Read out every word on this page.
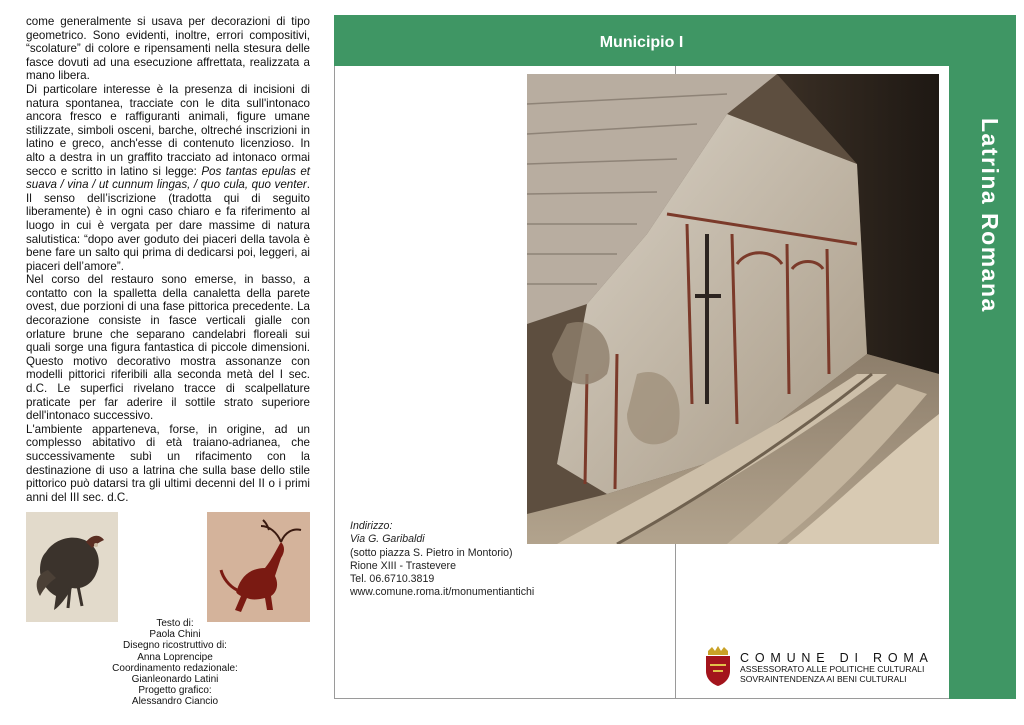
come generalmente si usava per decorazioni di tipo geometrico. Sono evidenti, inoltre, errori compositivi, “scolature” di colore e ripensamenti nella stesura delle fasce dovuti ad una esecuzione affrettata, realizzata a mano libera.

Di particolare interesse è la presenza di incisioni di natura spontanea, tracciate con le dita sull'intonaco ancora fresco e raffiguranti animali, figure umane stilizzate, simboli osceni, barche, oltreché inscrizioni in latino e greco, anch'esse di contenuto licenzioso. In alto a destra in un graffito tracciato ad intonaco ormai secco e scritto in latino si legge: Pos tantas epulas et suava / vina / ut cunnum lingas, / quo cula, quo venter. Il senso dell’iscrizione (tradotta qui di seguito liberamente) è in ogni caso chiaro e fa riferimento al luogo in cui è vergata per dare massime di natura salutistica: “dopo aver goduto dei piaceri della tavola è bene fare un salto qui prima di dedicarsi poi, leggeri, ai piaceri dell’amore”.

Nel corso del restauro sono emerse, in basso, a contatto con la spalletta della canaletta della parete ovest, due porzioni di una fase pittorica precedente. La decorazione consiste in fasce verticali gialle con orlature brune che separano candelabri floreali sui quali sorge una figura fantastica di piccole dimensioni. Questo motivo decorativo mostra assonanze con modelli pittorici riferibili alla seconda metà del I sec. d.C. Le superfici rivelano tracce di scalpellature praticate per far aderire il sottile strato superiore dell'intonaco successivo.

L'ambiente apparteneva, forse, in origine, ad un complesso abitativo di età traiano-adrianea, che successivamente subì un rifacimento con la destinazione di uso a latrina che sulla base dello stile pittorico può datarsi tra gli ultimi decenni del II o i primi anni del III sec. d.C.

Testo di:
Paola Chini
Disegno ricostruttivo di:
Anna Loprencipe
Coordinamento redazionale:
Gianleonardo Latini
Progetto grafico:
Alessandro Ciancio
Municipio I
Latrina Romana
Indirizzo:
Via G. Garibaldi
(sotto piazza S. Pietro in Montorio)
Rione XIII - Trastevere
Tel. 06.6710.3819
www.comune.roma.it/monumentiantichi
COMUNE DI ROMA
ASSESSORATO ALLE POLITICHE CULTURALI
SOVRAINTENDENZA AI BENI CULTURALI
